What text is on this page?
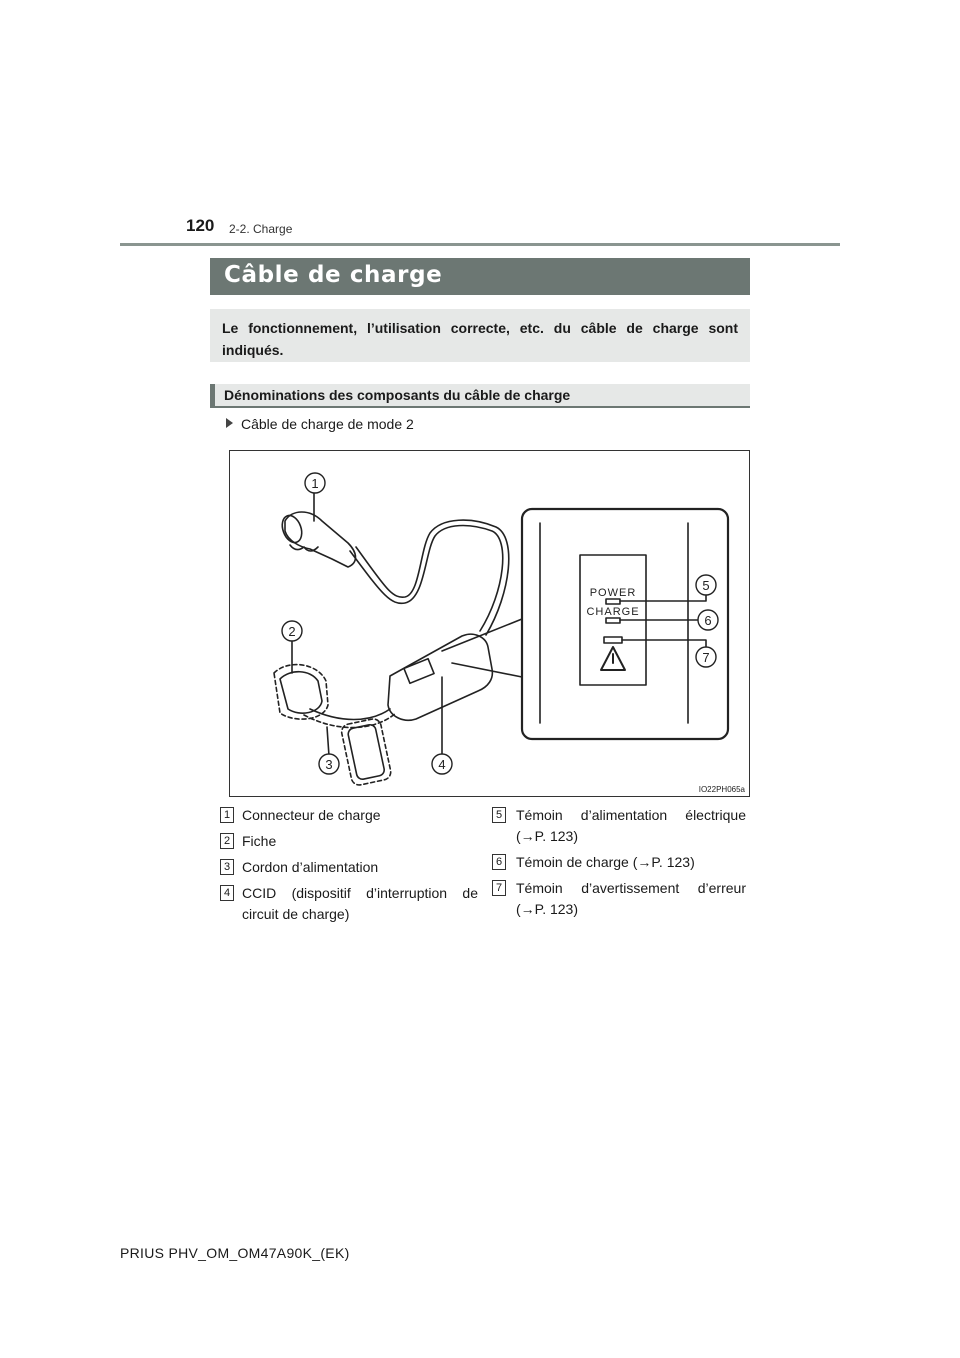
120 2-2. Charge
Câble de charge
Le fonctionnement, l’utilisation correcte, etc. du câble de charge sont indiqués.
Dénominations des composants du câble de charge
Câble de charge de mode 2
1
2
3	4
5
6
7
POWER
CHARGE
IO22PH065a
1 Connecteur de charge
2 Fiche
3 Cordon d’alimentation
4 CCID (dispositif d’interruption de circuit de charge)
5 Témoin d’alimentation électrique (→P. 123)
6 Témoin de charge (→P. 123)
7 Témoin d’avertissement d’erreur (→P. 123)
PRIUS PHV_OM_OM47A90K_(EK)
